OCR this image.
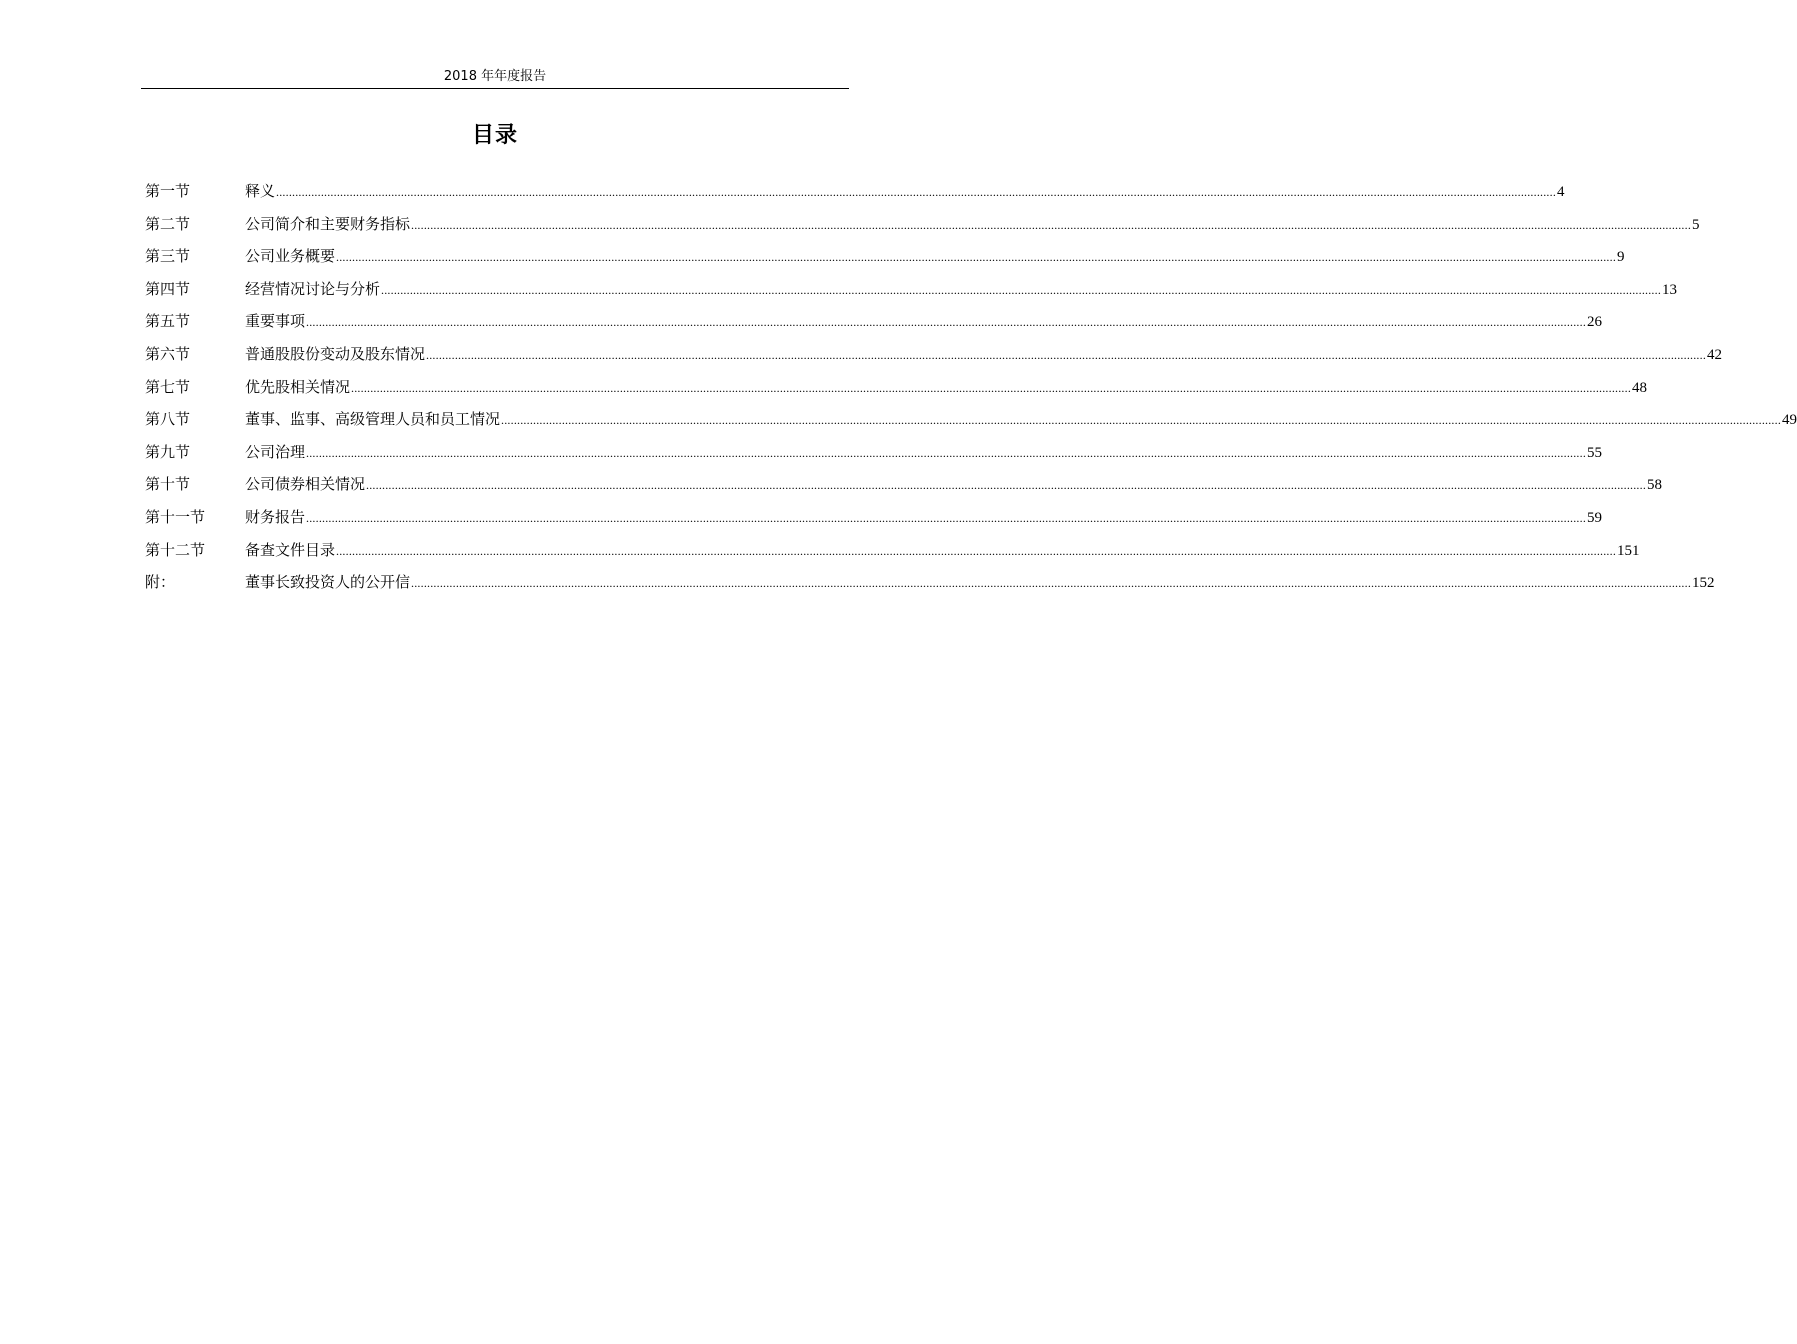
2018 年年度报告
目录
第一节	释义 ................................................................................................................................................................................................................................................................................................................................................................................................................ 4
第二节	公司简介和主要财务指标 ................................................................................................................................................................................................................................................................................................................................................................................................................ 5
第三节	公司业务概要 ................................................................................................................................................................................................................................................................................................................................................................................................................ 9
第四节	经营情况讨论与分析 ................................................................................................................................................................................................................................................................................................................................................................................................................ 13
第五节	重要事项 ................................................................................................................................................................................................................................................................................................................................................................................................................ 26
第六节	普通股股份变动及股东情况 ................................................................................................................................................................................................................................................................................................................................................................................................................ 42
第七节	优先股相关情况 ................................................................................................................................................................................................................................................................................................................................................................................................................ 48
第八节	董事、监事、高级管理人员和员工情况 ................................................................................................................................................................................................................................................................................................................................................................................................................ 49
第九节	公司治理 ................................................................................................................................................................................................................................................................................................................................................................................................................ 55
第十节	公司债券相关情况 ................................................................................................................................................................................................................................................................................................................................................................................................................ 58
第十一节	财务报告 ................................................................................................................................................................................................................................................................................................................................................................................................................ 59
第十二节	备查文件目录 ................................................................................................................................................................................................................................................................................................................................................................................................................ 151
附：	董事长致投资人的公开信 ................................................................................................................................................................................................................................................................................................................................................................................................................ 152
